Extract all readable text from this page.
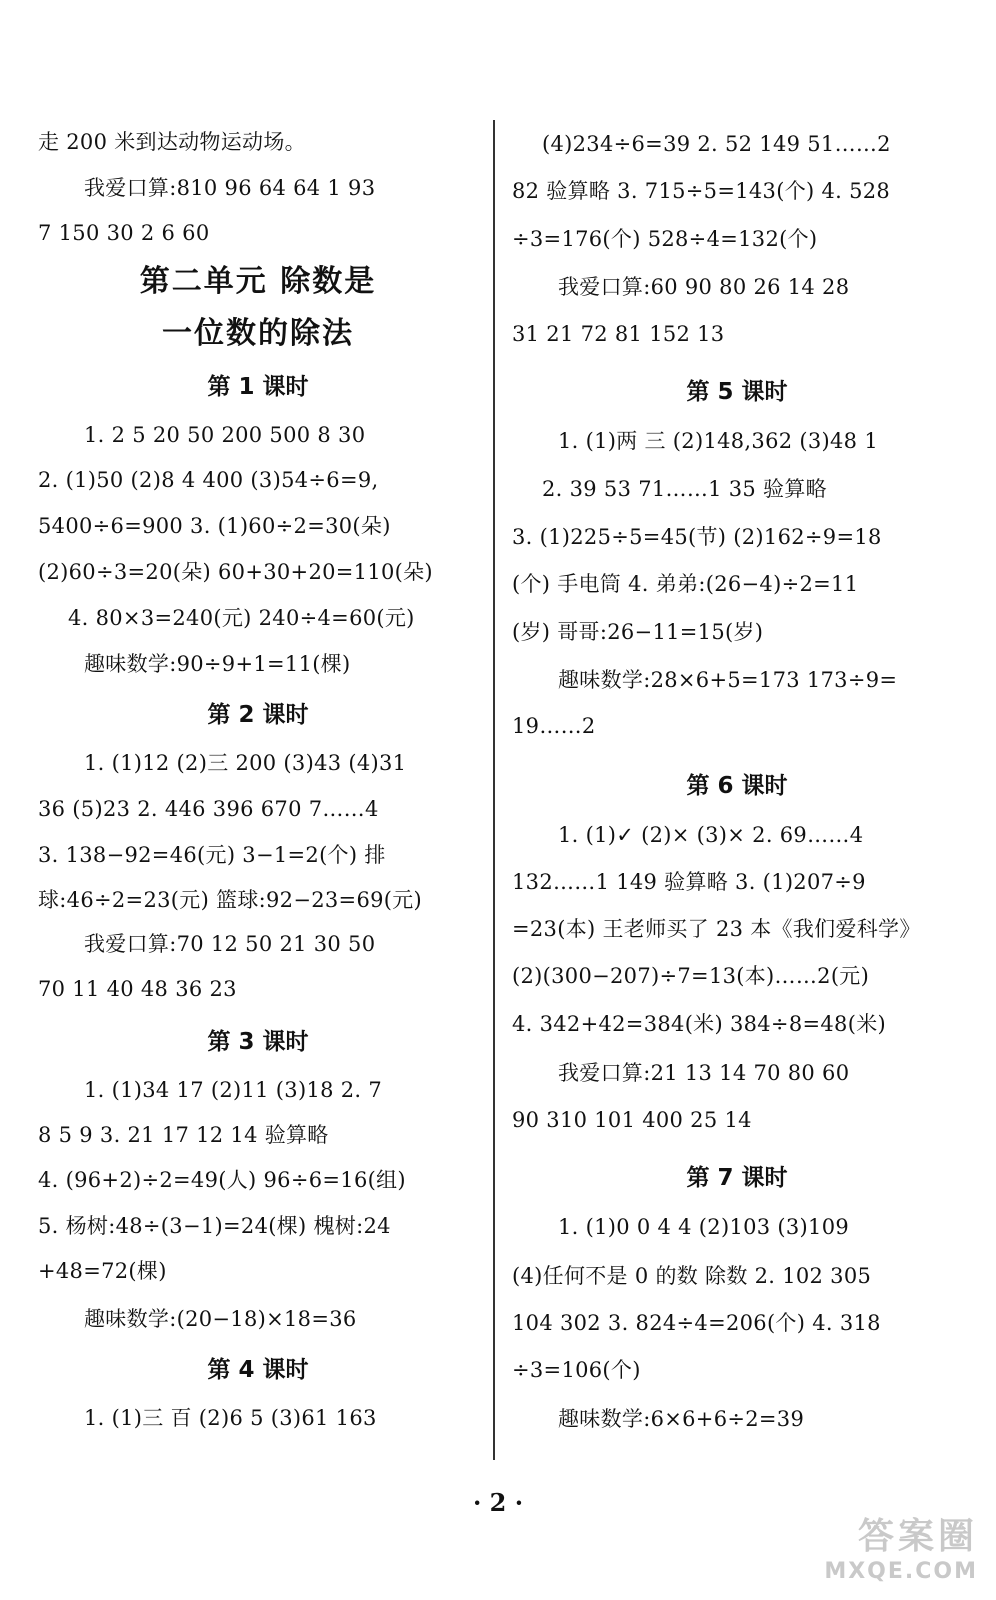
走 200 米到达动物运动场。
我爱口算:810 96 64 64 1 93
7 150 30 2 6 60
第二单元 除数是
一位数的除法
第 1 课时
1. 2 5 20 50 200 500 8 30
2. (1)50 (2)8 4 400 (3)54÷6=9,
5400÷6=900 3. (1)60÷2=30(朵)
(2)60÷3=20(朵) 60+30+20=110(朵)
4. 80×3=240(元) 240÷4=60(元)
趣味数学:90÷9+1=11(棵)
第 2 课时
1. (1)12 (2)三 200 (3)43 (4)31
36 (5)23 2. 446 396 670 7……4
3. 138−92=46(元) 3−1=2(个) 排
球:46÷2=23(元) 篮球:92−23=69(元)
我爱口算:70 12 50 21 30 50
70 11 40 48 36 23
第 3 课时
1. (1)34 17 (2)11 (3)18 2. 7
8 5 9 3. 21 17 12 14 验算略
4. (96+2)÷2=49(人) 96÷6=16(组)
5. 杨树:48÷(3−1)=24(棵) 槐树:24
+48=72(棵)
趣味数学:(20−18)×18=36
第 4 课时
1. (1)三 百 (2)6 5 (3)61 163
(4)234÷6=39 2. 52 149 51……2
82 验算略 3. 715÷5=143(个) 4. 528
÷3=176(个) 528÷4=132(个)
我爱口算:60 90 80 26 14 28
31 21 72 81 152 13
第 5 课时
1. (1)两 三 (2)148,362 (3)48 1
2. 39 53 71……1 35 验算略
3. (1)225÷5=45(节) (2)162÷9=18
(个) 手电筒 4. 弟弟:(26−4)÷2=11
(岁) 哥哥:26−11=15(岁)
趣味数学:28×6+5=173 173÷9=
19……2
第 6 课时
1. (1)✓ (2)× (3)× 2. 69……4
132……1 149 验算略 3. (1)207÷9
=23(本) 王老师买了 23 本《我们爱科学》
(2)(300−207)÷7=13(本)……2(元)
4. 342+42=384(米) 384÷8=48(米)
我爱口算:21 13 14 70 80 60
90 310 101 400 25 14
第 7 课时
1. (1)0 0 4 4 (2)103 (3)109
(4)任何不是 0 的数 除数 2. 102 305
104 302 3. 824÷4=206(个) 4. 318
÷3=106(个)
趣味数学:6×6+6÷2=39
· 2 ·
答案圈
MXQE.COM
